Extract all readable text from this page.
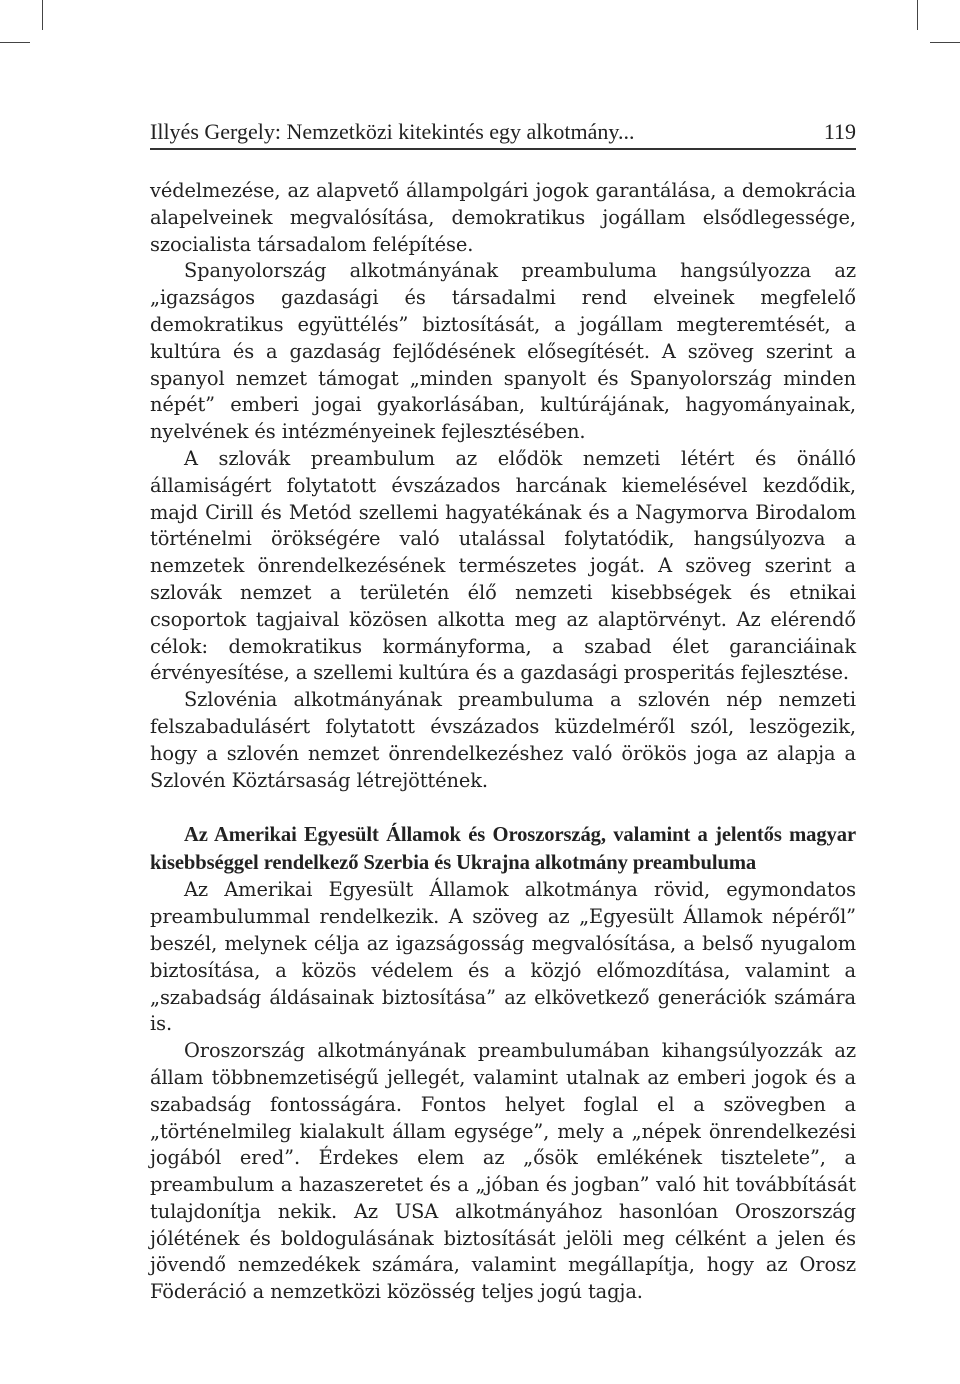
Illyés Gergely: Nemzetközi kitekintés egy alkotmány...	119

védelmezése, az alapvető állampolgári jogok garantálása, a demokrácia alapelveinek megvalósítása, demokratikus jogállam elsődlegessége, szocialista társadalom felépítése.

Spanyolország alkotmányának preambuluma hangsúlyozza az „igazságos gazdasági és társadalmi rend elveinek megfelelő demokratikus együttélés” biztosítását, a jogállam megteremtését, a kultúra és a gazdaság fejlődésének elősegítését. A szöveg szerint a spanyol nemzet támogat „minden spanyolt és Spanyolország minden népét” emberi jogai gyakorlásában, kultúrájának, hagyományainak, nyelvének és intézményeinek fejlesztésében.

A szlovák preambulum az elődök nemzeti létért és önálló államiságért folytatott évszázados harcának kiemelésével kezdődik, majd Cirill és Metód szellemi hagyatékának és a Nagymorva Birodalom történelmi örökségére való utalással folytatódik, hangsúlyozva a nemzetek önrendelkezésének természetes jogát. A szöveg szerint a szlovák nemzet a területén élő nemzeti kisebbségek és etnikai csoportok tagjaival közösen alkotta meg az alaptörvényt. Az elérendő célok: demokratikus kormányforma, a szabad élet garanciáinak érvényesítése, a szellemi kultúra és a gazdasági prosperitás fejlesztése.

Szlovénia alkotmányának preambuluma a szlovén nép nemzeti felszabadulásért folytatott évszázados küzdelméről szól, leszögezik, hogy a szlovén nemzet önrendelkezéshez való örökös joga az alapja a Szlovén Köztársaság létrejöttének.

Az Amerikai Egyesült Államok és Oroszország, valamint a jelentős magyar kisebbséggel rendelkező Szerbia és Ukrajna alkotmány preambuluma

Az Amerikai Egyesült Államok alkotmánya rövid, egymondatos preambulummal rendelkezik. A szöveg az „Egyesült Államok népéről” beszél, melynek célja az igazságosság megvalósítása, a belső nyugalom biztosítása, a közös védelem és a közjó előmozdítása, valamint a „szabadság áldásainak biztosítása” az elkövetkező generációk számára is.

Oroszország alkotmányának preambulumában kihangsúlyozzák az állam többnemzetiségű jellegét, valamint utalnak az emberi jogok és a szabadság fontosságára. Fontos helyet foglal el a szövegben a „történelmileg kialakult állam egysége”, mely a „népek önrendelkezési jogából ered”. Érdekes elem az „ősök emlékének tisztelete”, a preambulum a hazaszeretet és a „jóban és jogban” való hit továbbítását tulajdonítja nekik. Az USA alkotmányához hasonlóan Oroszország jólétének és boldogulásának biztosítását jelöli meg célként a jelen és jövendő nemzedékek számára, valamint megállapítja, hogy az Orosz Föderáció a nemzetközi közösség teljes jogú tagja.
